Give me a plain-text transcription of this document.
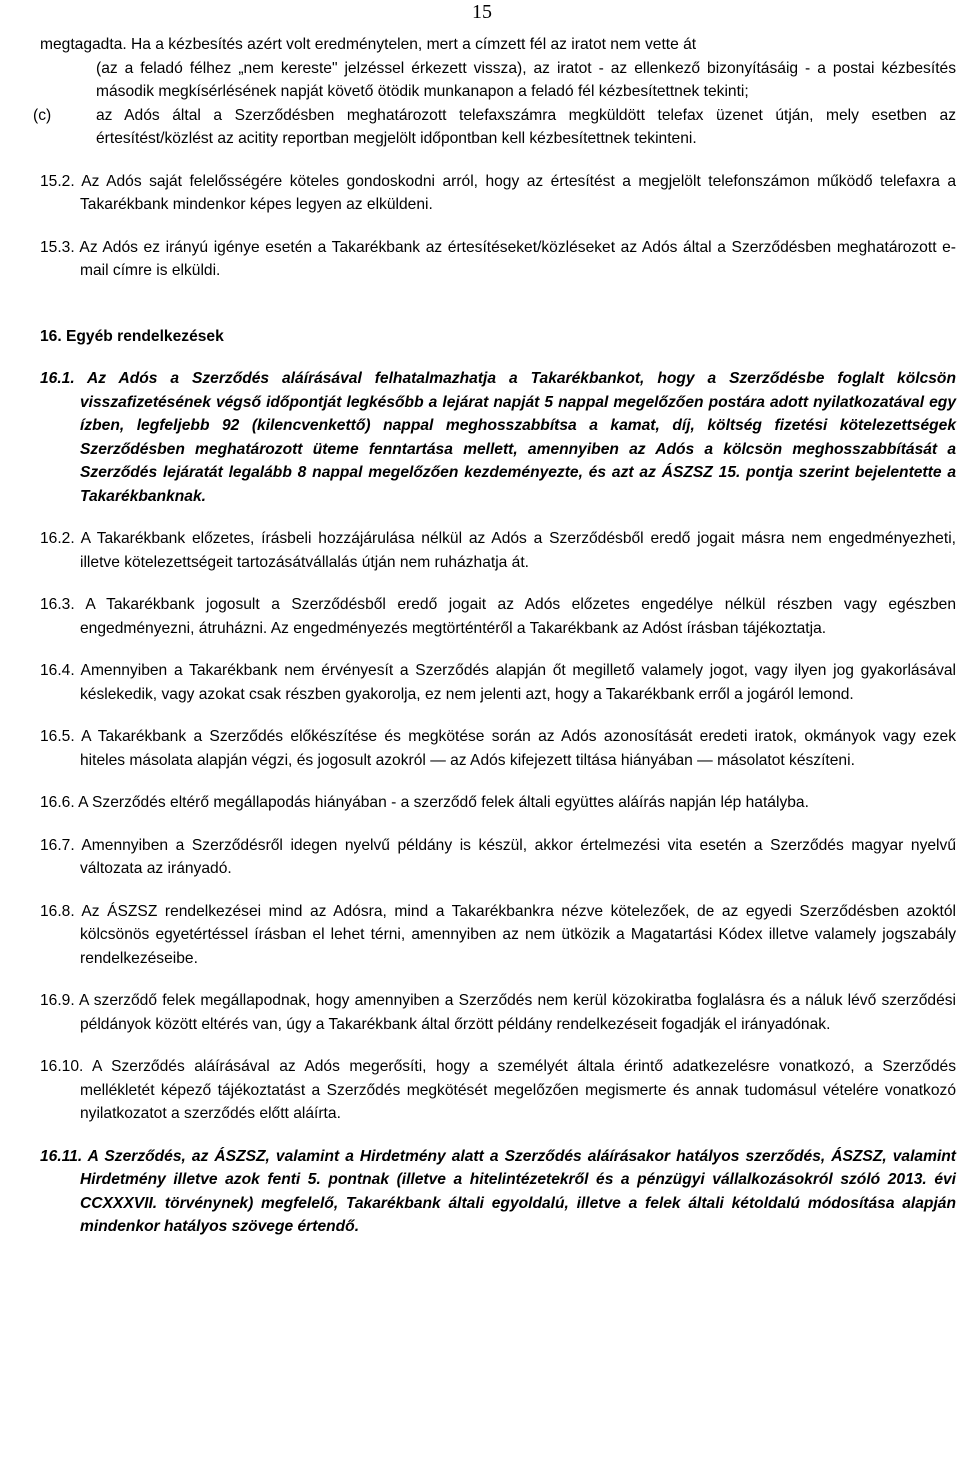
15

megtagadta. Ha a kézbesítés azért volt eredménytelen, mert a címzett fél az iratot nem vette át

(az a feladó félhez „nem kereste" jelzéssel érkezett vissza), az iratot - az ellenkező bizonyításáig - a postai kézbesítés második megkísérlésének napját követő ötödik munkanapon a feladó fél kézbesítettnek tekinti;

(c)	az Adós által a Szerződésben meghatározott telefaxszámra megküldött telefax üzenet útján, mely esetben az értesítést/közlést az acitity reportban megjelölt időpontban kell kézbesítettnek tekinteni.

15.2. Az Adós saját felelősségére köteles gondoskodni arról, hogy az értesítést a megjelölt telefonszámon működő telefaxra a Takarékbank mindenkor képes legyen az elküldeni.

15.3. Az Adós ez irányú igénye esetén a Takarékbank az értesítéseket/közléseket az Adós által a Szerződésben meghatározott e-mail címre is elküldi.

16. Egyéb rendelkezések

16.1. Az Adós a Szerződés aláírásával felhatalmazhatja a Takarékbankot, hogy a Szerződésbe foglalt kölcsön visszafizetésének végső időpontját legkésőbb a lejárat napját 5 nappal megelőzően postára adott nyilatkozatával egy ízben, legfeljebb 92 (kilencvenkettő) nappal meghosszabbítsa a kamat, díj, költség fizetési kötelezettségek Szerződésben meghatározott üteme fenntartása mellett, amennyiben az Adós a kölcsön meghosszabbítását a Szerződés lejáratát legalább 8 nappal megelőzően kezdeményezte, és azt az ÁSZSZ 15. pontja szerint bejelentette a Takarékbanknak.

16.2. A Takarékbank előzetes, írásbeli hozzájárulása nélkül az Adós a Szerződésből eredő jogait másra nem engedményezheti, illetve kötelezettségeit tartozásátvállalás útján nem ruházhatja át.

16.3. A Takarékbank jogosult a Szerződésből eredő jogait az Adós előzetes engedélye nélkül részben vagy egészben engedményezni, átruházni. Az engedményezés megtörténtéről a Takarékbank az Adóst írásban tájékoztatja.

16.4. Amennyiben a Takarékbank nem érvényesít a Szerződés alapján őt megillető valamely jogot, vagy ilyen jog gyakorlásával késlekedik, vagy azokat csak részben gyakorolja, ez nem jelenti azt, hogy a Takarékbank erről a jogáról lemond.

16.5. A Takarékbank a Szerződés előkészítése és megkötése során az Adós azonosítását eredeti iratok, okmányok vagy ezek hiteles másolata alapján végzi, és jogosult azokról — az Adós kifejezett tiltása hiányában — másolatot készíteni.

16.6. A Szerződés eltérő megállapodás hiányában - a szerződő felek általi együttes aláírás napján lép hatályba.

16.7. Amennyiben a Szerződésről idegen nyelvű példány is készül, akkor értelmezési vita esetén a Szerződés magyar nyelvű változata az irányadó.

16.8. Az ÁSZSZ rendelkezései mind az Adósra, mind a Takarékbankra nézve kötelezőek, de az egyedi Szerződésben azoktól kölcsönös egyetértéssel írásban el lehet térni, amennyiben az nem ütközik a Magatartási Kódex illetve valamely jogszabály rendelkezéseibe.

16.9. A szerződő felek megállapodnak, hogy amennyiben a Szerződés nem kerül közokiratba foglalásra és a náluk lévő szerződési példányok között eltérés van, úgy a Takarékbank által őrzött példány rendelkezéseit fogadják el irányadónak.

16.10. A Szerződés aláírásával az Adós megerősíti, hogy a személyét általa érintő adatkezelésre vonatkozó, a Szerződés mellékletét képező tájékoztatást a Szerződés megkötését megelőzően megismerte és annak tudomásul vételére vonatkozó nyilatkozatot a szerződés előtt aláírta.

16.11. A Szerződés, az ÁSZSZ, valamint a Hirdetmény alatt a Szerződés aláírásakor hatályos szerződés, ÁSZSZ, valamint Hirdetmény illetve azok fenti 5. pontnak (illetve a hitelintézetekről és a pénzügyi vállalkozásokról szóló 2013. évi CCXXXVII. törvénynek) megfelelő, Takarékbank általi egyoldalú, illetve a felek általi kétoldalú módosítása alapján mindenkor hatályos szövege értendő.
